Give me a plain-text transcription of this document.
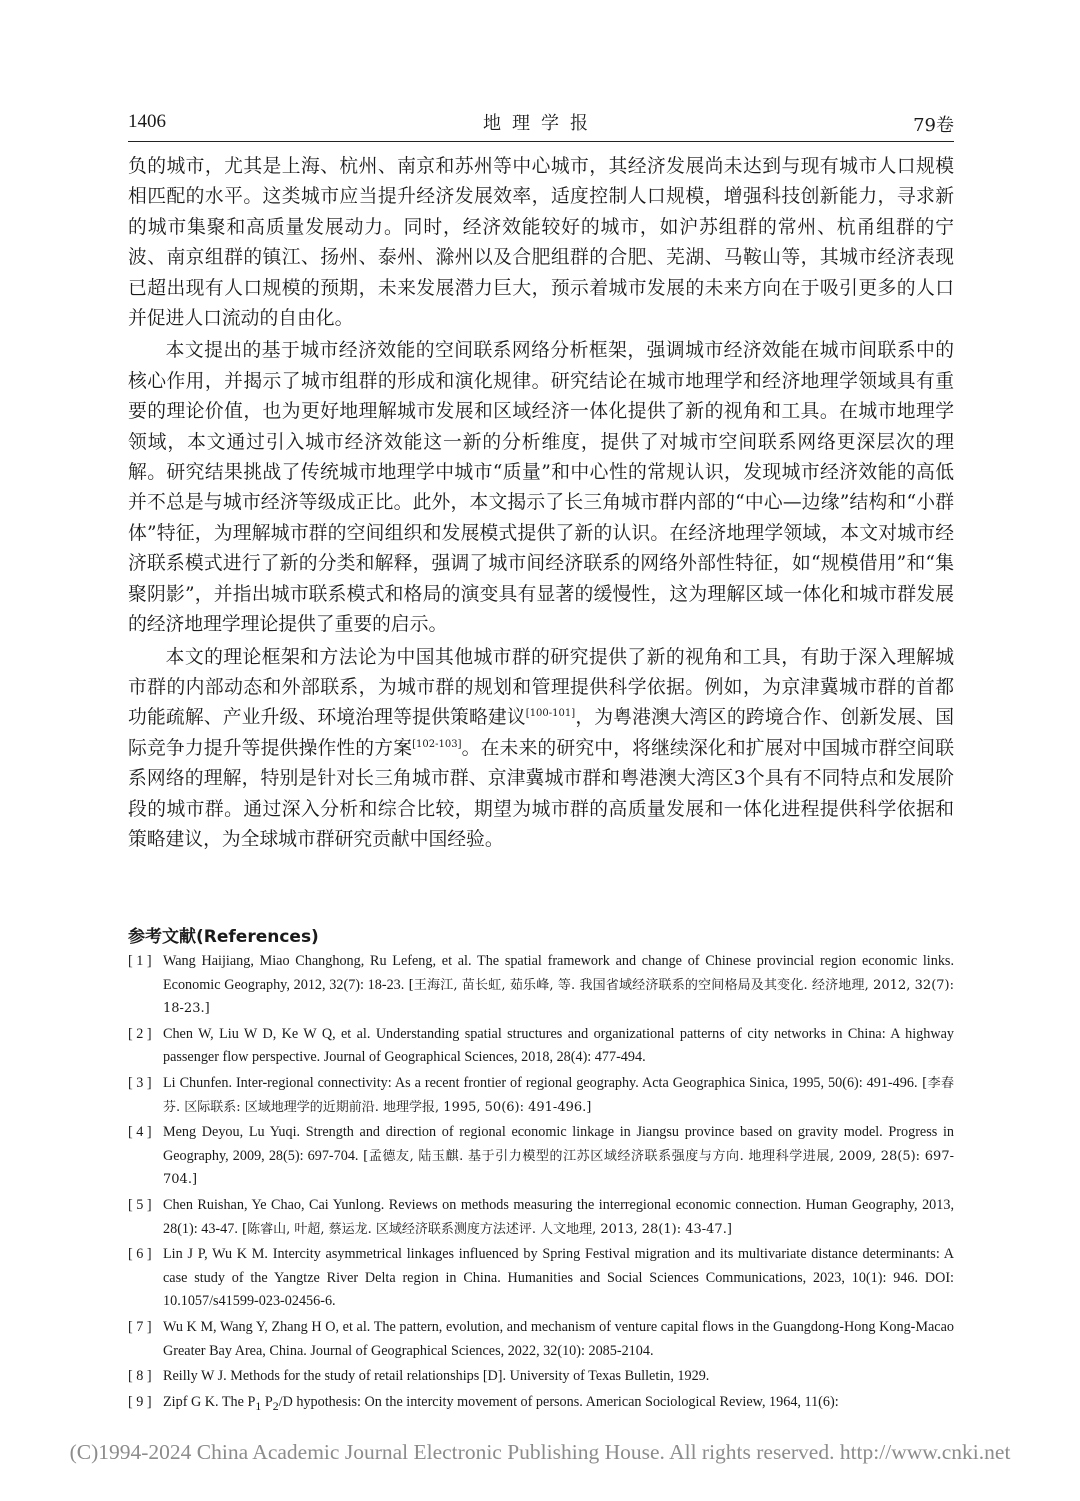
1406	地理学报	79卷

负的城市，尤其是上海、杭州、南京和苏州等中心城市，其经济发展尚未达到与现有城市人口规模相匹配的水平。这类城市应当提升经济发展效率，适度控制人口规模，增强科技创新能力，寻求新的城市集聚和高质量发展动力。同时，经济效能较好的城市，如沪苏组群的常州、杭甬组群的宁波、南京组群的镇江、扬州、泰州、滁州以及合肥组群的合肥、芜湖、马鞍山等，其城市经济表现已超出现有人口规模的预期，未来发展潜力巨大，预示着城市发展的未来方向在于吸引更多的人口并促进人口流动的自由化。

本文提出的基于城市经济效能的空间联系网络分析框架，强调城市经济效能在城市间联系中的核心作用，并揭示了城市组群的形成和演化规律。研究结论在城市地理学和经济地理学领域具有重要的理论价值，也为更好地理解城市发展和区域经济一体化提供了新的视角和工具。在城市地理学领域，本文通过引入城市经济效能这一新的分析维度，提供了对城市空间联系网络更深层次的理解。研究结果挑战了传统城市地理学中城市“质量”和中心性的常规认识，发现城市经济效能的高低并不总是与城市经济等级成正比。此外，本文揭示了长三角城市群内部的“中心—边缘”结构和“小群体”特征，为理解城市群的空间组织和发展模式提供了新的认识。在经济地理学领域，本文对城市经济联系模式进行了新的分类和解释，强调了城市间经济联系的网络外部性特征，如“规模借用”和“集聚阴影”，并指出城市联系模式和格局的演变具有显著的缓慢性，这为理解区域一体化和城市群发展的经济地理学理论提供了重要的启示。

本文的理论框架和方法论为中国其他城市群的研究提供了新的视角和工具，有助于深入理解城市群的内部动态和外部联系，为城市群的规划和管理提供科学依据。例如，为京津冀城市群的首都功能疏解、产业升级、环境治理等提供策略建议[100-101]，为粤港澳大湾区的跨境合作、创新发展、国际竞争力提升等提供操作性的方案[102-103]。在未来的研究中，将继续深化和扩展对中国城市群空间联系网络的理解，特别是针对长三角城市群、京津冀城市群和粤港澳大湾区3个具有不同特点和发展阶段的城市群。通过深入分析和综合比较，期望为城市群的高质量发展和一体化进程提供科学依据和策略建议，为全球城市群研究贡献中国经验。

参考文献(References)
[ 1 ] Wang Haijiang, Miao Changhong, Ru Lefeng, et al. The spatial framework and change of Chinese provincial region economic links. Economic Geography, 2012, 32(7): 18-23. [王海江, 苗长虹, 茹乐峰, 等. 我国省域经济联系的空间格局及其变化. 经济地理, 2012, 32(7): 18-23.]
[ 2 ] Chen W, Liu W D, Ke W Q, et al. Understanding spatial structures and organizational patterns of city networks in China: A highway passenger flow perspective. Journal of Geographical Sciences, 2018, 28(4): 477-494.
[ 3 ] Li Chunfen. Inter-regional connectivity: As a recent frontier of regional geography. Acta Geographica Sinica, 1995, 50(6): 491-496. [李春芬. 区际联系: 区域地理学的近期前沿. 地理学报, 1995, 50(6): 491-496.]
[ 4 ] Meng Deyou, Lu Yuqi. Strength and direction of regional economic linkage in Jiangsu province based on gravity model. Progress in Geography, 2009, 28(5): 697-704. [孟德友, 陆玉麒. 基于引力模型的江苏区域经济联系强度与方向. 地理科学进展, 2009, 28(5): 697-704.]
[ 5 ] Chen Ruishan, Ye Chao, Cai Yunlong. Reviews on methods measuring the interregional economic connection. Human Geography, 2013, 28(1): 43-47. [陈睿山, 叶超, 蔡运龙. 区域经济联系测度方法述评. 人文地理, 2013, 28(1): 43-47.]
[ 6 ] Lin J P, Wu K M. Intercity asymmetrical linkages influenced by Spring Festival migration and its multivariate distance determinants: A case study of the Yangtze River Delta region in China. Humanities and Social Sciences Communications, 2023, 10(1): 946. DOI: 10.1057/s41599-023-02456-6.
[ 7 ] Wu K M, Wang Y, Zhang H O, et al. The pattern, evolution, and mechanism of venture capital flows in the Guangdong-Hong Kong-Macao Greater Bay Area, China. Journal of Geographical Sciences, 2022, 32(10): 2085-2104.
[ 8 ] Reilly W J. Methods for the study of retail relationships [D]. University of Texas Bulletin, 1929.
[ 9 ] Zipf G K. The $P_1$ $P_2/D$ hypothesis: On the intercity movement of persons. American Sociological Review, 1964, 11(6):
(C)1994-2024 China Academic Journal Electronic Publishing House. All rights reserved. http://www.cnki.net
